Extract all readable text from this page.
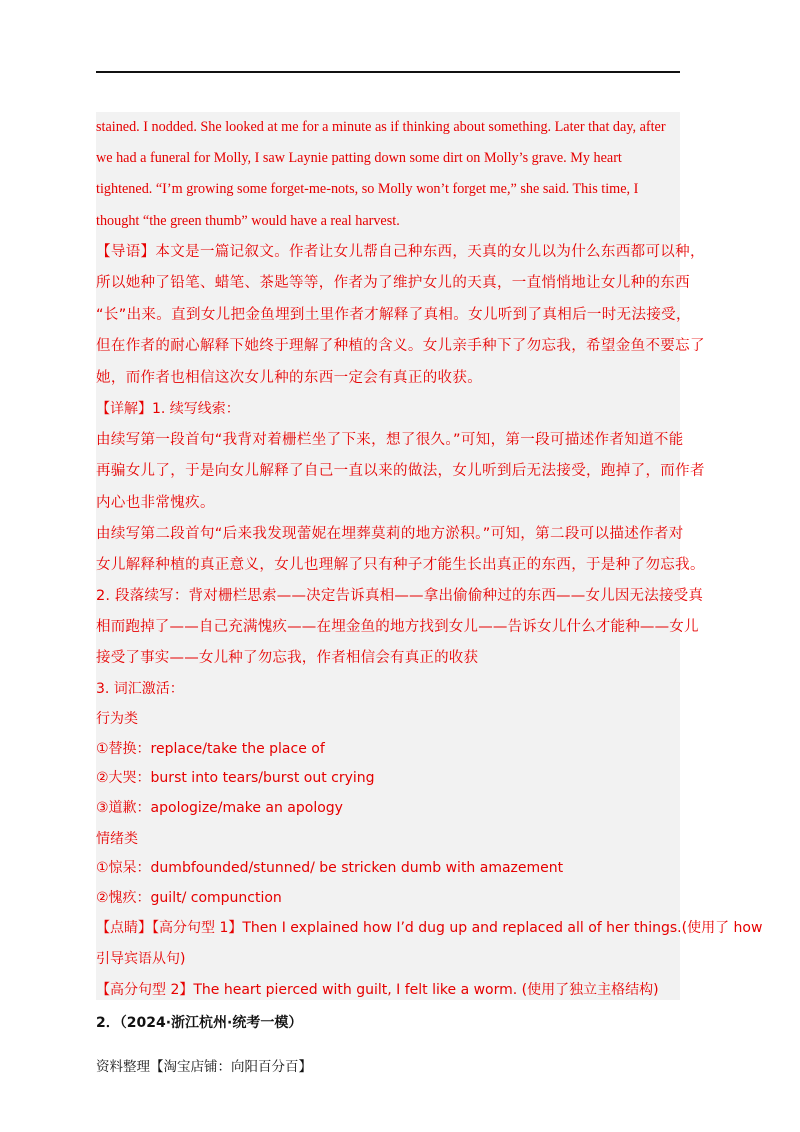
stained. I nodded. She looked at me for a minute as if thinking about something. Later that day, after
we had a funeral for Molly, I saw Laynie patting down some dirt on Molly’s grave. My heart
tightened. “I’m growing some forget-me-nots, so Molly won’t forget me,” she said. This time, I
thought “the green thumb” would have a real harvest.
【导语】本文是一篇记叙文。作者让女儿帮自己种东西，天真的女儿以为什么东西都可以种，
所以她种了铅笔、蜡笔、茶匙等等，作者为了维护女儿的天真，一直悄悄地让女儿种的东西
“长”出来。直到女儿把金鱼埋到土里作者才解释了真相。女儿听到了真相后一时无法接受，
但在作者的耐心解释下她终于理解了种植的含义。女儿亲手种下了勿忘我，希望金鱼不要忘了
她，而作者也相信这次女儿种的东西一定会有真正的收获。
【详解】1. 续写线索：
由续写第一段首句“我背对着栅栏坐了下来，想了很久。”可知，第一段可描述作者知道不能
再骗女儿了，于是向女儿解释了自己一直以来的做法，女儿听到后无法接受，跑掉了，而作者
内心也非常愧疚。
由续写第二段首句“后来我发现蕾妮在埋葬莫莉的地方淤积。”可知，第二段可以描述作者对
女儿解释种植的真正意义，女儿也理解了只有种子才能生长出真正的东西，于是种了勿忘我。
2. 段落续写：背对栅栏思索——决定告诉真相——拿出偷偷种过的东西——女儿因无法接受真
相而跑掉了——自己充满愧疚——在埋金鱼的地方找到女儿——告诉女儿什么才能种——女儿
接受了事实——女儿种了勿忘我，作者相信会有真正的收获
3. 词汇激活：
行为类
①替换：replace/take the place of
②大哭：burst into tears/burst out crying
③道歉：apologize/make an apology
情绪类
①惊呆：dumbfounded/stunned/ be stricken dumb with amazement
②愧疚：guilt/ compunction
【点睛】【高分句型 1】Then I explained how I’d dug up and replaced all of her things.(使用了 how
引导宾语从句)
【高分句型 2】The heart pierced with guilt, I felt like a worm. (使用了独立主格结构)
2．（2024·浙江杭州·统考一模）
资料整理【淘宝店铺：向阳百分百】
